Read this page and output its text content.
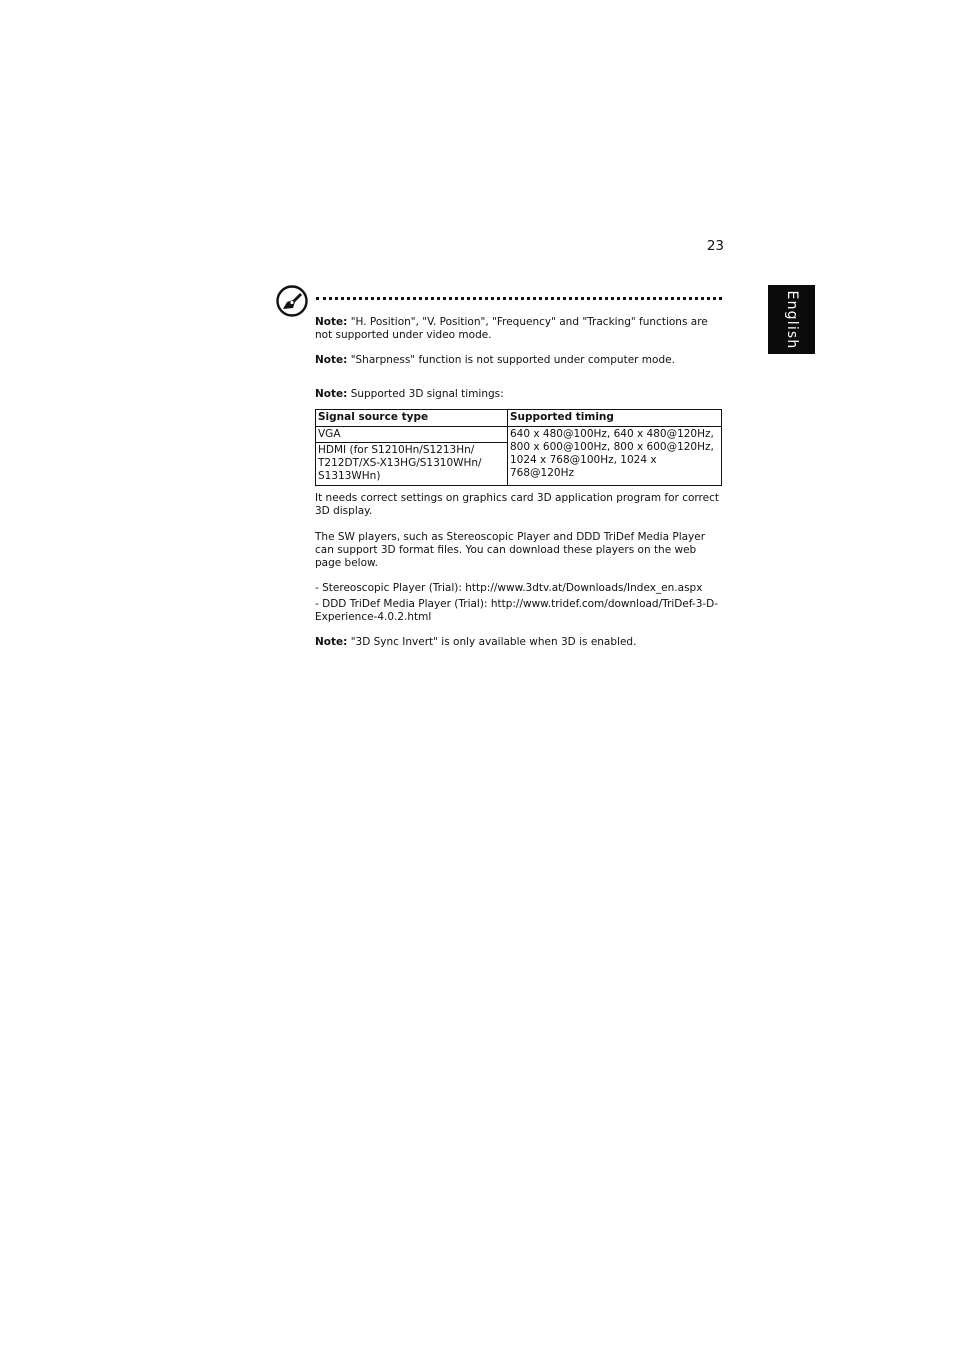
23
English

Note: "H. Position", "V. Position", "Frequency" and "Tracking" functions are not supported under video mode.

Note: "Sharpness" function is not supported under computer mode.

Note: Supported 3D signal timings:

Signal source type	Supported timing
VGA	640 x 480@100Hz, 640 x 480@120Hz, 800 x 600@100Hz, 800 x 600@120Hz, 1024 x 768@100Hz, 1024 x 768@120Hz
HDMI (for S1210Hn/S1213Hn/ T212DT/XS-X13HG/S1310WHn/ S1313WHn)	

It needs correct settings on graphics card 3D application program for correct 3D display.

The SW players, such as Stereoscopic Player and DDD TriDef Media Player can support 3D format files. You can download these players on the web page below.

- Stereoscopic Player (Trial): http://www.3dtv.at/Downloads/Index_en.aspx

- DDD TriDef Media Player (Trial): http://www.tridef.com/download/TriDef-3-D-Experience-4.0.2.html

Note: "3D Sync Invert" is only available when 3D is enabled.
